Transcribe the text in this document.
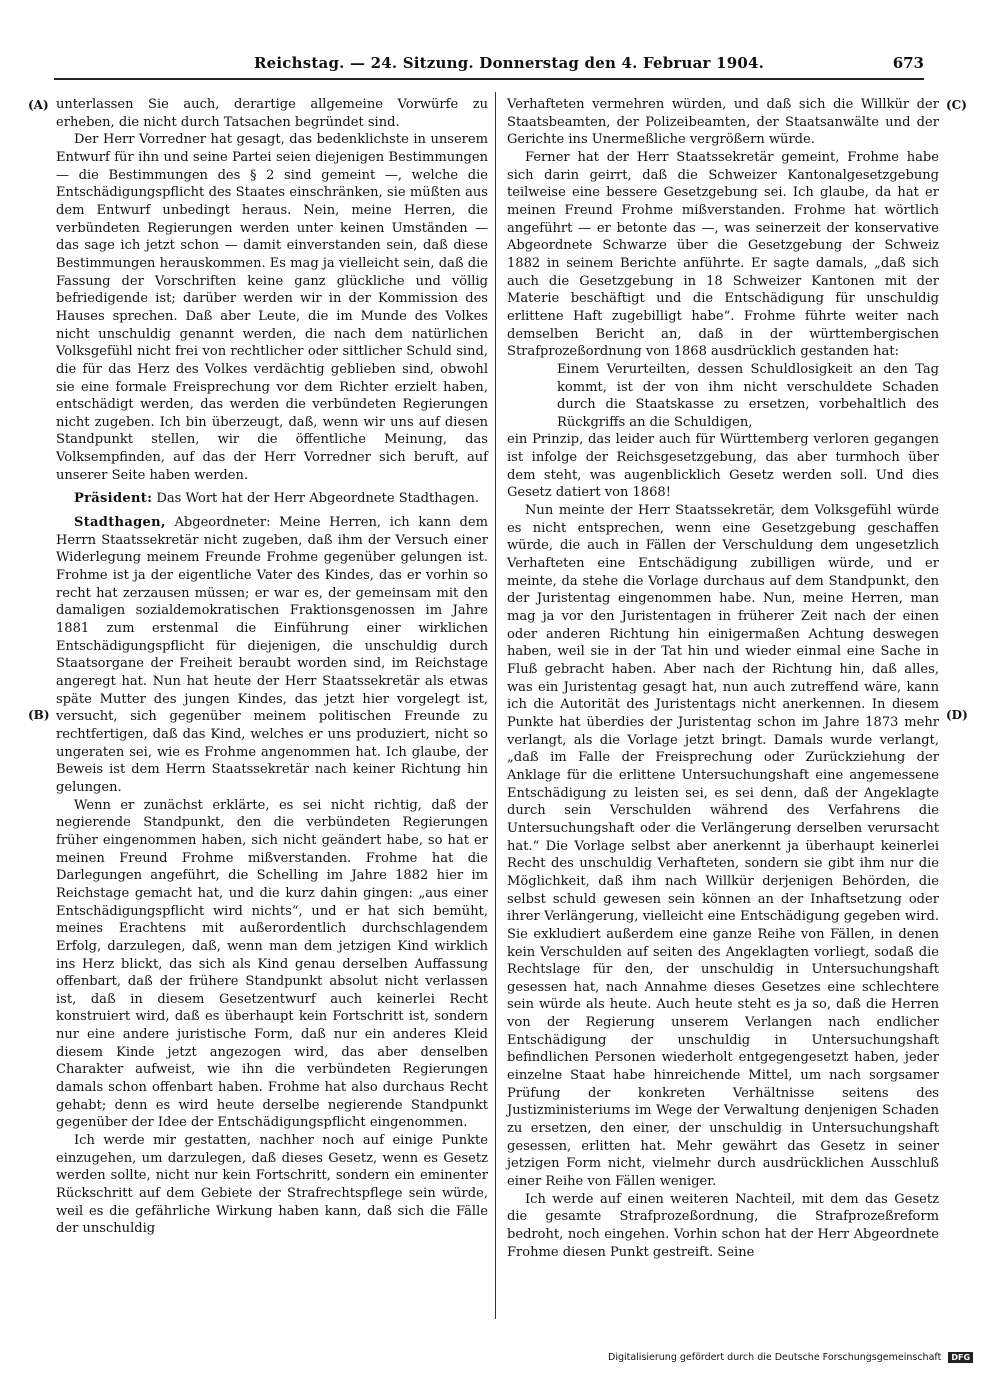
Reichstag. — 24. Sitzung. Donnerstag den 4. Februar 1904.	673
(A)
(B)
(C)
(D)

unterlassen Sie auch, derartige allgemeine Vorwürfe zu erheben, die nicht durch Tatsachen begründet sind.

Der Herr Vorredner hat gesagt, das bedenklichste in unserem Entwurf für ihn und seine Partei seien diejenigen Bestimmungen — die Bestimmungen des § 2 sind gemeint —, welche die Entschädigungspflicht des Staates einschränken, sie müßten aus dem Entwurf unbedingt heraus. Nein, meine Herren, die verbündeten Regierungen werden unter keinen Umständen — das sage ich jetzt schon — damit einverstanden sein, daß diese Bestimmungen herauskommen. Es mag ja vielleicht sein, daß die Fassung der Vorschriften keine ganz glückliche und völlig befriedigende ist; darüber werden wir in der Kommission des Hauses sprechen. Daß aber Leute, die im Munde des Volkes nicht unschuldig genannt werden, die nach dem natürlichen Volksgefühl nicht frei von rechtlicher oder sittlicher Schuld sind, die für das Herz des Volkes verdächtig geblieben sind, obwohl sie eine formale Freisprechung vor dem Richter erzielt haben, entschädigt werden, das werden die verbündeten Regierungen nicht zugeben. Ich bin überzeugt, daß, wenn wir uns auf diesen Standpunkt stellen, wir die öffentliche Meinung, das Volksempfinden, auf das der Herr Vorredner sich beruft, auf unserer Seite haben werden.

Präsident: Das Wort hat der Herr Abgeordnete Stadthagen.

Stadthagen, Abgeordneter: Meine Herren, ich kann dem Herrn Staatssekretär nicht zugeben, daß ihm der Versuch einer Widerlegung meinem Freunde Frohme gegenüber gelungen ist. Frohme ist ja der eigentliche Vater des Kindes, das er vorhin so recht hat zerzausen müssen; er war es, der gemeinsam mit den damaligen sozialdemokratischen Fraktionsgenossen im Jahre 1881 zum erstenmal die Einführung einer wirklichen Entschädigungspflicht für diejenigen, die unschuldig durch Staatsorgane der Freiheit beraubt worden sind, im Reichstage angeregt hat. Nun hat heute der Herr Staatssekretär als etwas späte Mutter des jungen Kindes, das jetzt hier vorgelegt ist, versucht, sich gegenüber meinem politischen Freunde zu rechtfertigen, daß das Kind, welches er uns produziert, nicht so ungeraten sei, wie es Frohme angenommen hat. Ich glaube, der Beweis ist dem Herrn Staatssekretär nach keiner Richtung hin gelungen.

Wenn er zunächst erklärte, es sei nicht richtig, daß der negierende Standpunkt, den die verbündeten Regierungen früher eingenommen haben, sich nicht geändert habe, so hat er meinen Freund Frohme mißverstanden. Frohme hat die Darlegungen angeführt, die Schelling im Jahre 1882 hier im Reichstage gemacht hat, und die kurz dahin gingen: „aus einer Entschädigungspflicht wird nichts“, und er hat sich bemüht, meines Erachtens mit außerordentlich durchschlagendem Erfolg, darzulegen, daß, wenn man dem jetzigen Kind wirklich ins Herz blickt, das sich als Kind genau derselben Auffassung offenbart, daß der frühere Standpunkt absolut nicht verlassen ist, daß in diesem Gesetzentwurf auch keinerlei Recht konstruiert wird, daß es überhaupt kein Fortschritt ist, sondern nur eine andere juristische Form, daß nur ein anderes Kleid diesem Kinde jetzt angezogen wird, das aber denselben Charakter aufweist, wie ihn die verbündeten Regierungen damals schon offenbart haben. Frohme hat also durchaus Recht gehabt; denn es wird heute derselbe negierende Standpunkt gegenüber der Idee der Entschädigungspflicht eingenommen.

Ich werde mir gestatten, nachher noch auf einige Punkte einzugehen, um darzulegen, daß dieses Gesetz, wenn es Gesetz werden sollte, nicht nur kein Fortschritt, sondern ein eminenter Rückschritt auf dem Gebiete der Strafrechtspflege sein würde, weil es die gefährliche Wirkung haben kann, daß sich die Fälle der unschuldig

Verhafteten vermehren würden, und daß sich die Willkür der Staatsbeamten, der Polizeibeamten, der Staatsanwälte und der Gerichte ins Unermeßliche vergrößern würde.

Ferner hat der Herr Staatssekretär gemeint, Frohme habe sich darin geirrt, daß die Schweizer Kantonalgesetzgebung teilweise eine bessere Gesetzgebung sei. Ich glaube, da hat er meinen Freund Frohme mißverstanden. Frohme hat wörtlich angeführt — er betonte das —, was seinerzeit der konservative Abgeordnete Schwarze über die Gesetzgebung der Schweiz 1882 in seinem Berichte anführte. Er sagte damals, „daß sich auch die Gesetzgebung in 18 Schweizer Kantonen mit der Materie beschäftigt und die Entschädigung für unschuldig erlittene Haft zugebilligt habe“. Frohme führte weiter nach demselben Bericht an, daß in der württembergischen Strafprozeßordnung von 1868 ausdrücklich gestanden hat:

Einem Verurteilten, dessen Schuldlosigkeit an den Tag kommt, ist der von ihm nicht verschuldete Schaden durch die Staatskasse zu ersetzen, vorbehaltlich des Rückgriffs an die Schuldigen,

ein Prinzip, das leider auch für Württemberg verloren gegangen ist infolge der Reichsgesetzgebung, das aber turmhoch über dem steht, was augenblicklich Gesetz werden soll. Und dies Gesetz datiert von 1868!

Nun meinte der Herr Staatssekretär, dem Volksgefühl würde es nicht entsprechen, wenn eine Gesetzgebung geschaffen würde, die auch in Fällen der Verschuldung dem ungesetzlich Verhafteten eine Entschädigung zubilligen würde, und er meinte, da stehe die Vorlage durchaus auf dem Standpunkt, den der Juristentag eingenommen habe. Nun, meine Herren, man mag ja vor den Juristentagen in früherer Zeit nach der einen oder anderen Richtung hin einigermaßen Achtung deswegen haben, weil sie in der Tat hin und wieder einmal eine Sache in Fluß gebracht haben. Aber nach der Richtung hin, daß alles, was ein Juristentag gesagt hat, nun auch zutreffend wäre, kann ich die Autorität des Juristentags nicht anerkennen. In diesem Punkte hat überdies der Juristentag schon im Jahre 1873 mehr verlangt, als die Vorlage jetzt bringt. Damals wurde verlangt, „daß im Falle der Freisprechung oder Zurückziehung der Anklage für die erlittene Untersuchungshaft eine angemessene Entschädigung zu leisten sei, es sei denn, daß der Angeklagte durch sein Verschulden während des Verfahrens die Untersuchungshaft oder die Verlängerung derselben verursacht hat.“ Die Vorlage selbst aber anerkennt ja überhaupt keinerlei Recht des unschuldig Verhafteten, sondern sie gibt ihm nur die Möglichkeit, daß ihm nach Willkür derjenigen Behörden, die selbst schuld gewesen sein können an der Inhaftsetzung oder ihrer Verlängerung, vielleicht eine Entschädigung gegeben wird. Sie exkludiert außerdem eine ganze Reihe von Fällen, in denen kein Verschulden auf seiten des Angeklagten vorliegt, sodaß die Rechtslage für den, der unschuldig in Untersuchungshaft gesessen hat, nach Annahme dieses Gesetzes eine schlechtere sein würde als heute. Auch heute steht es ja so, daß die Herren von der Regierung unserem Verlangen nach endlicher Entschädigung der unschuldig in Untersuchungshaft befindlichen Personen wiederholt entgegengesetzt haben, jeder einzelne Staat habe hinreichende Mittel, um nach sorgsamer Prüfung der konkreten Verhältnisse seitens des Justizministeriums im Wege der Verwaltung denjenigen Schaden zu ersetzen, den einer, der unschuldig in Untersuchungshaft gesessen, erlitten hat. Mehr gewährt das Gesetz in seiner jetzigen Form nicht, vielmehr durch ausdrücklichen Ausschluß einer Reihe von Fällen weniger.

Ich werde auf einen weiteren Nachteil, mit dem das Gesetz die gesamte Strafprozeßordnung, die Strafprozeßreform bedroht, noch eingehen. Vorhin schon hat der Herr Abgeordnete Frohme diesen Punkt gestreift. Seine

Digitalisierung gefördert durch die Deutsche Forschungsgemeinschaft DFG
